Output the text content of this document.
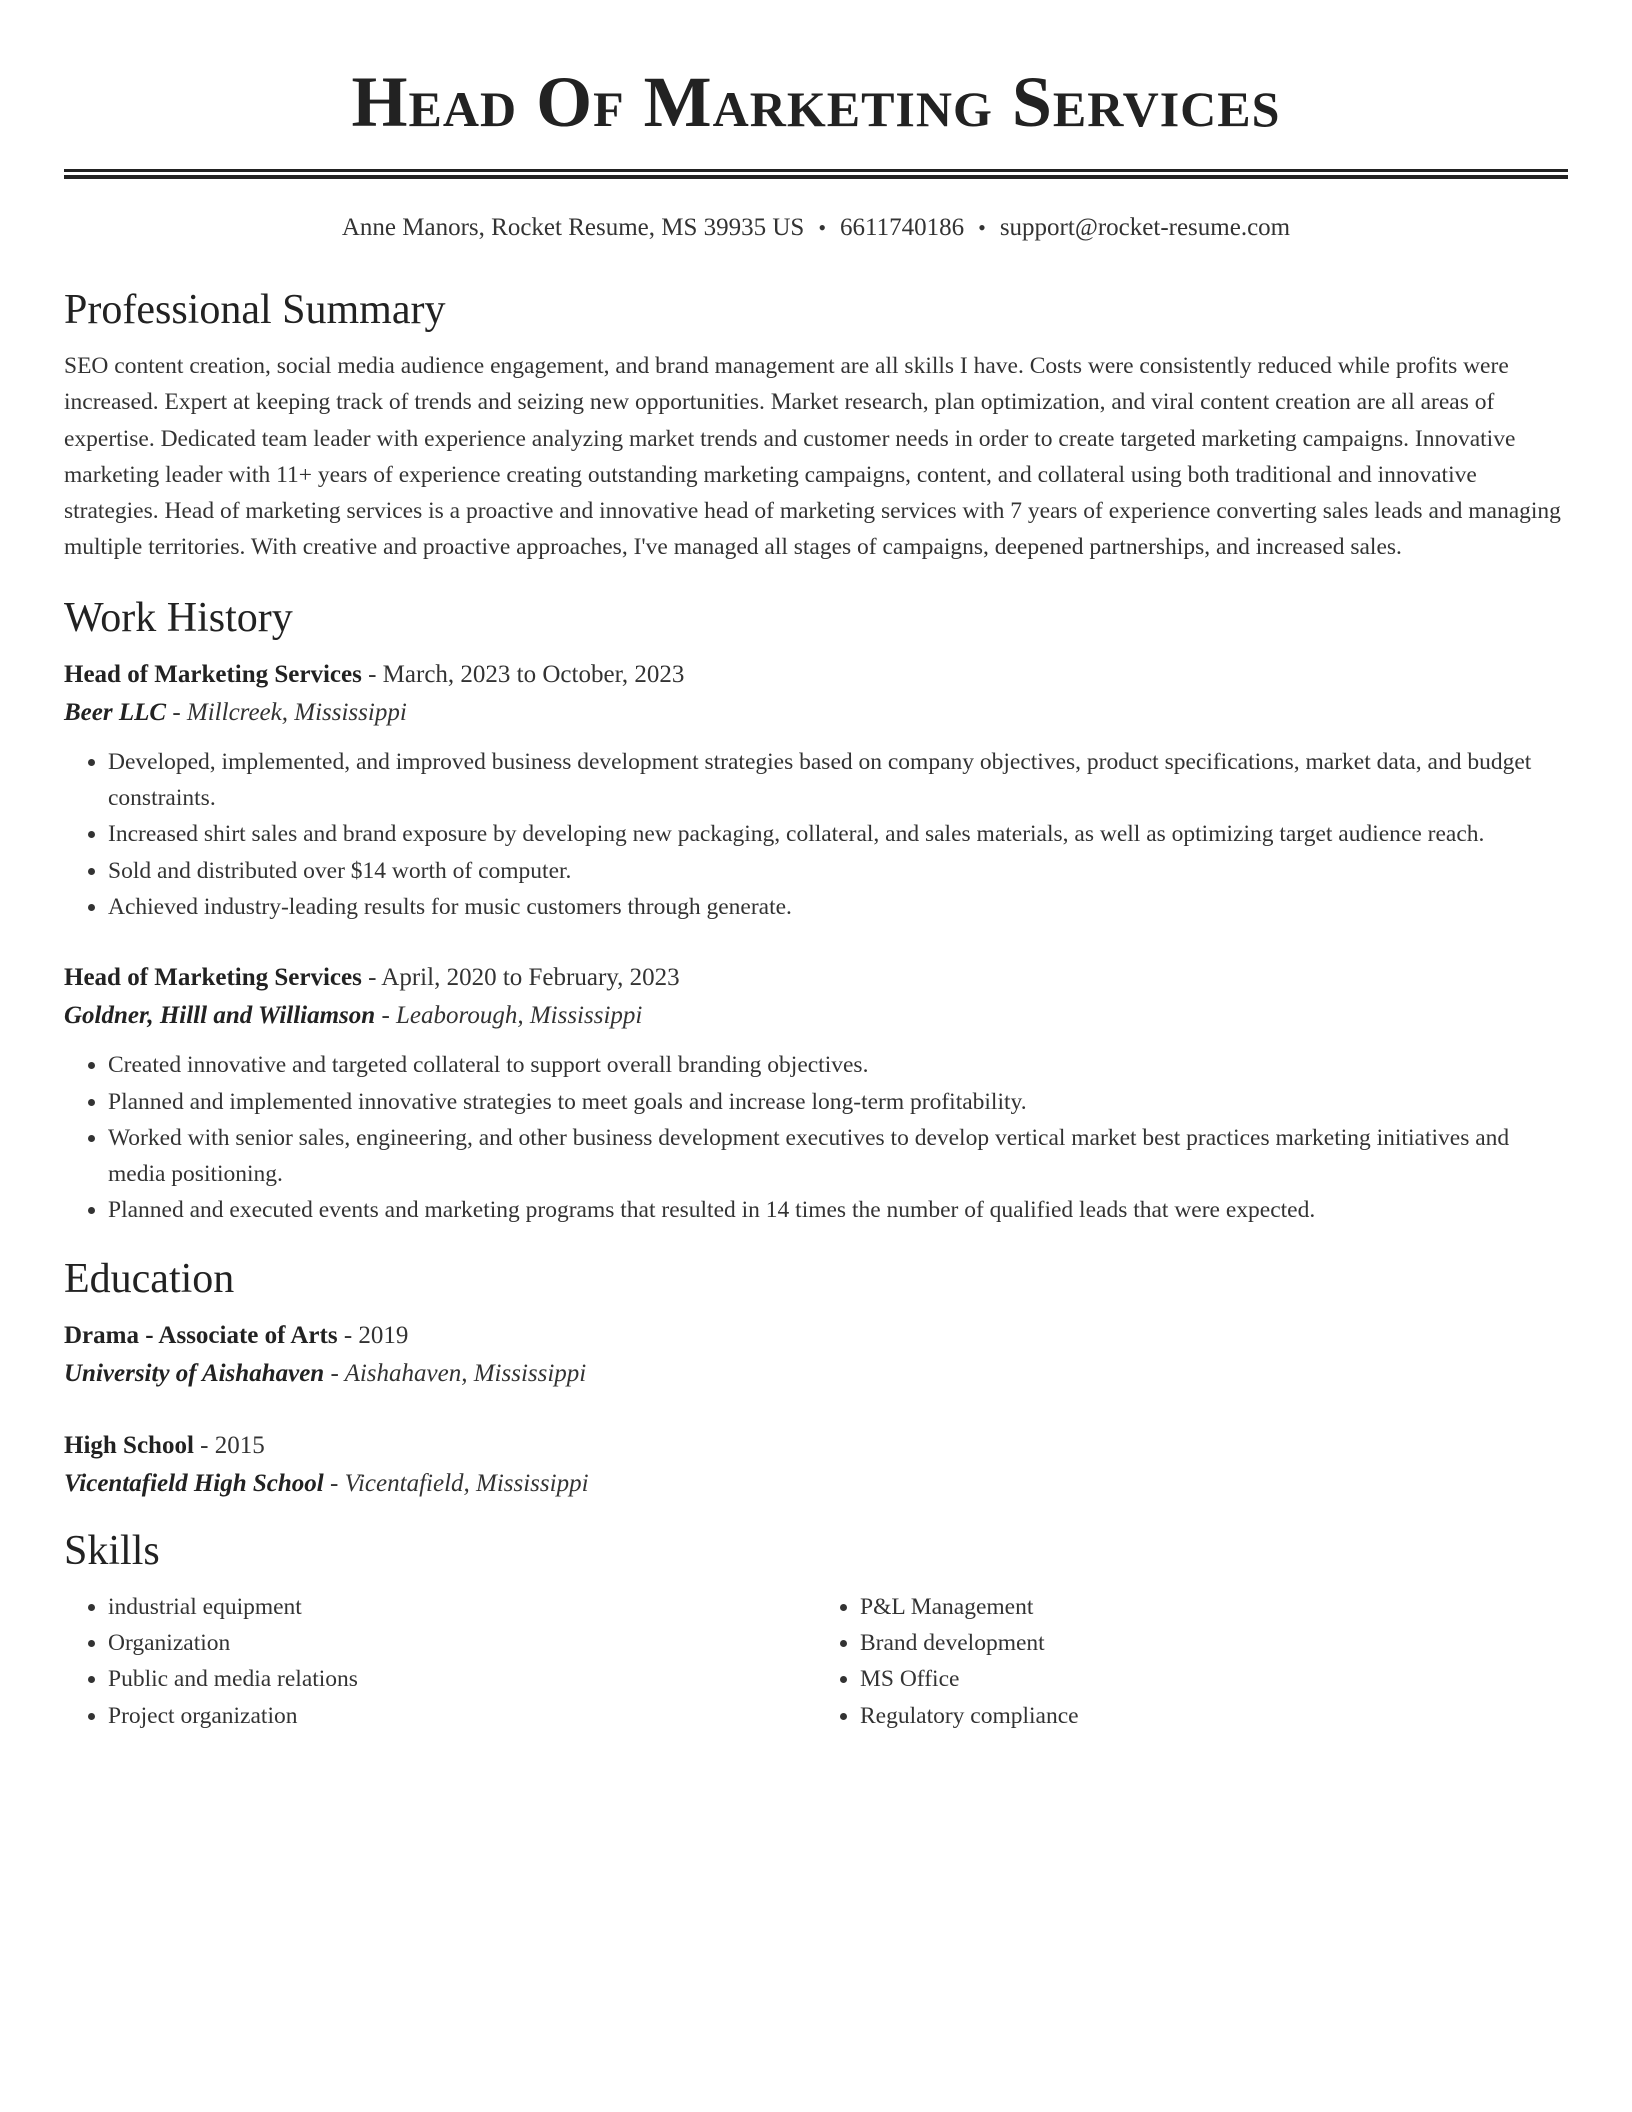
Head Of Marketing Services
Anne Manors, Rocket Resume, MS 39935 US • 6611740186 • support@rocket-resume.com
Professional Summary
SEO content creation, social media audience engagement, and brand management are all skills I have. Costs were consistently reduced while profits were increased. Expert at keeping track of trends and seizing new opportunities. Market research, plan optimization, and viral content creation are all areas of expertise. Dedicated team leader with experience analyzing market trends and customer needs in order to create targeted marketing campaigns. Innovative marketing leader with 11+ years of experience creating outstanding marketing campaigns, content, and collateral using both traditional and innovative strategies. Head of marketing services is a proactive and innovative head of marketing services with 7 years of experience converting sales leads and managing multiple territories. With creative and proactive approaches, I've managed all stages of campaigns, deepened partnerships, and increased sales.
Work History
Head of Marketing Services - March, 2023 to October, 2023
Beer LLC - Millcreek, Mississippi
• Developed, implemented, and improved business development strategies based on company objectives, product specifications, market data, and budget constraints.
• Increased shirt sales and brand exposure by developing new packaging, collateral, and sales materials, as well as optimizing target audience reach.
• Sold and distributed over $14 worth of computer.
• Achieved industry-leading results for music customers through generate.
Head of Marketing Services - April, 2020 to February, 2023
Goldner, Hilll and Williamson - Leaborough, Mississippi
• Created innovative and targeted collateral to support overall branding objectives.
• Planned and implemented innovative strategies to meet goals and increase long-term profitability.
• Worked with senior sales, engineering, and other business development executives to develop vertical market best practices marketing initiatives and media positioning.
• Planned and executed events and marketing programs that resulted in 14 times the number of qualified leads that were expected.
Education
Drama - Associate of Arts - 2019
University of Aishahaven - Aishahaven, Mississippi
High School - 2015
Vicentafield High School - Vicentafield, Mississippi
Skills
• industrial equipment
• Organization
• Public and media relations
• Project organization
• P&L Management
• Brand development
• MS Office
• Regulatory compliance
